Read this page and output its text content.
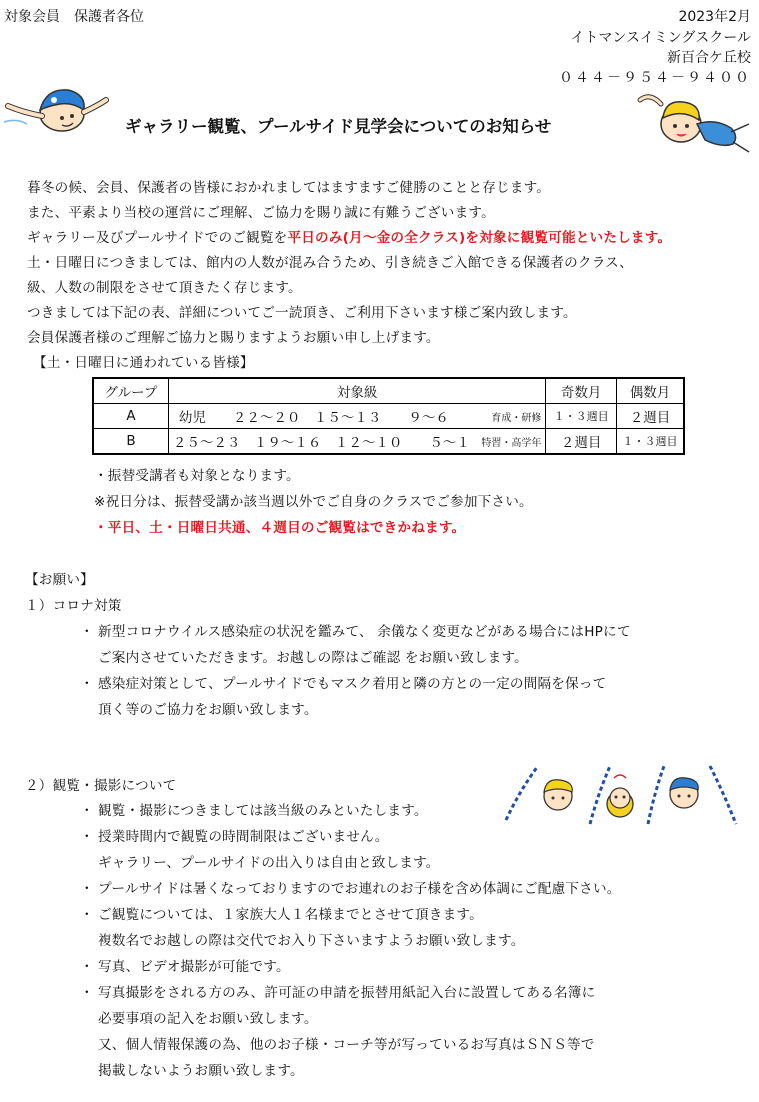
対象会員　保護者各位	2023年2月
イトマンスイミングスクール
新百合ケ丘校
０４４－９５４－９４００
ギャラリー観覧、プールサイド見学会についてのお知らせ
暮冬の候、会員、保護者の皆様におかれましてはますますご健勝のことと存じます。
また、平素より当校の運営にご理解、ご協力を賜り誠に有難うございます。
ギャラリー及びプールサイドでのご観覧を平日のみ(月～金の全クラス)を対象に観覧可能といたします。
土・日曜日につきましては、館内の人数が混み合うため、引き続きご入館できる保護者のクラス、
級、人数の制限をさせて頂きたく存じます。
つきましては下記の表、詳細についてご一読頂き、ご利用下さいます様ご案内致します。
会員保護者様のご理解ご協力と賜りますようお願い申し上げます。
【土・日曜日に通われている皆様】
グループ	対象級	奇数月	偶数月
A	幼児　　２２～２０　１５～１３　　９～６ 育成・研修	１・３週目	２週目
B	２５～２３　１９～１６　１２～１０　　５～１ 特習・高学年	２週目	１・３週目
・振替受講者も対象となります。
※祝日分は、振替受講か該当週以外でご自身のクラスでご参加下さい。
・平日、土・日曜日共通、４週目のご観覧はできかねます。
【お願い】
１）コロナ対策
・ 新型コロナウイルス感染症の状況を鑑みて、 余儀なく変更などがある場合にはHPにて
ご案内させていただきます。お越しの際はご確認 をお願い致します。
・ 感染症対策として、プールサイドでもマスク着用と隣の方との一定の間隔を保って
頂く等のご協力をお願い致します。
２）観覧・撮影について
・ 観覧・撮影につきましては該当級のみといたします。
・ 授業時間内で観覧の時間制限はございません。
ギャラリー、プールサイドの出入りは自由と致します。
・ プールサイドは暑くなっておりますのでお連れのお子様を含め体調にご配慮下さい。
・ ご観覧については、１家族大人１名様までとさせて頂きます。
複数名でお越しの際は交代でお入り下さいますようお願い致します。
・ 写真、ビデオ撮影が可能です。
・ 写真撮影をされる方のみ、許可証の申請を振替用紙記入台に設置してある名簿に
必要事項の記入をお願い致します。
又、個人情報保護の為、他のお子様・コーチ等が写っているお写真はＳＮＳ等で
掲載しないようお願い致します。
